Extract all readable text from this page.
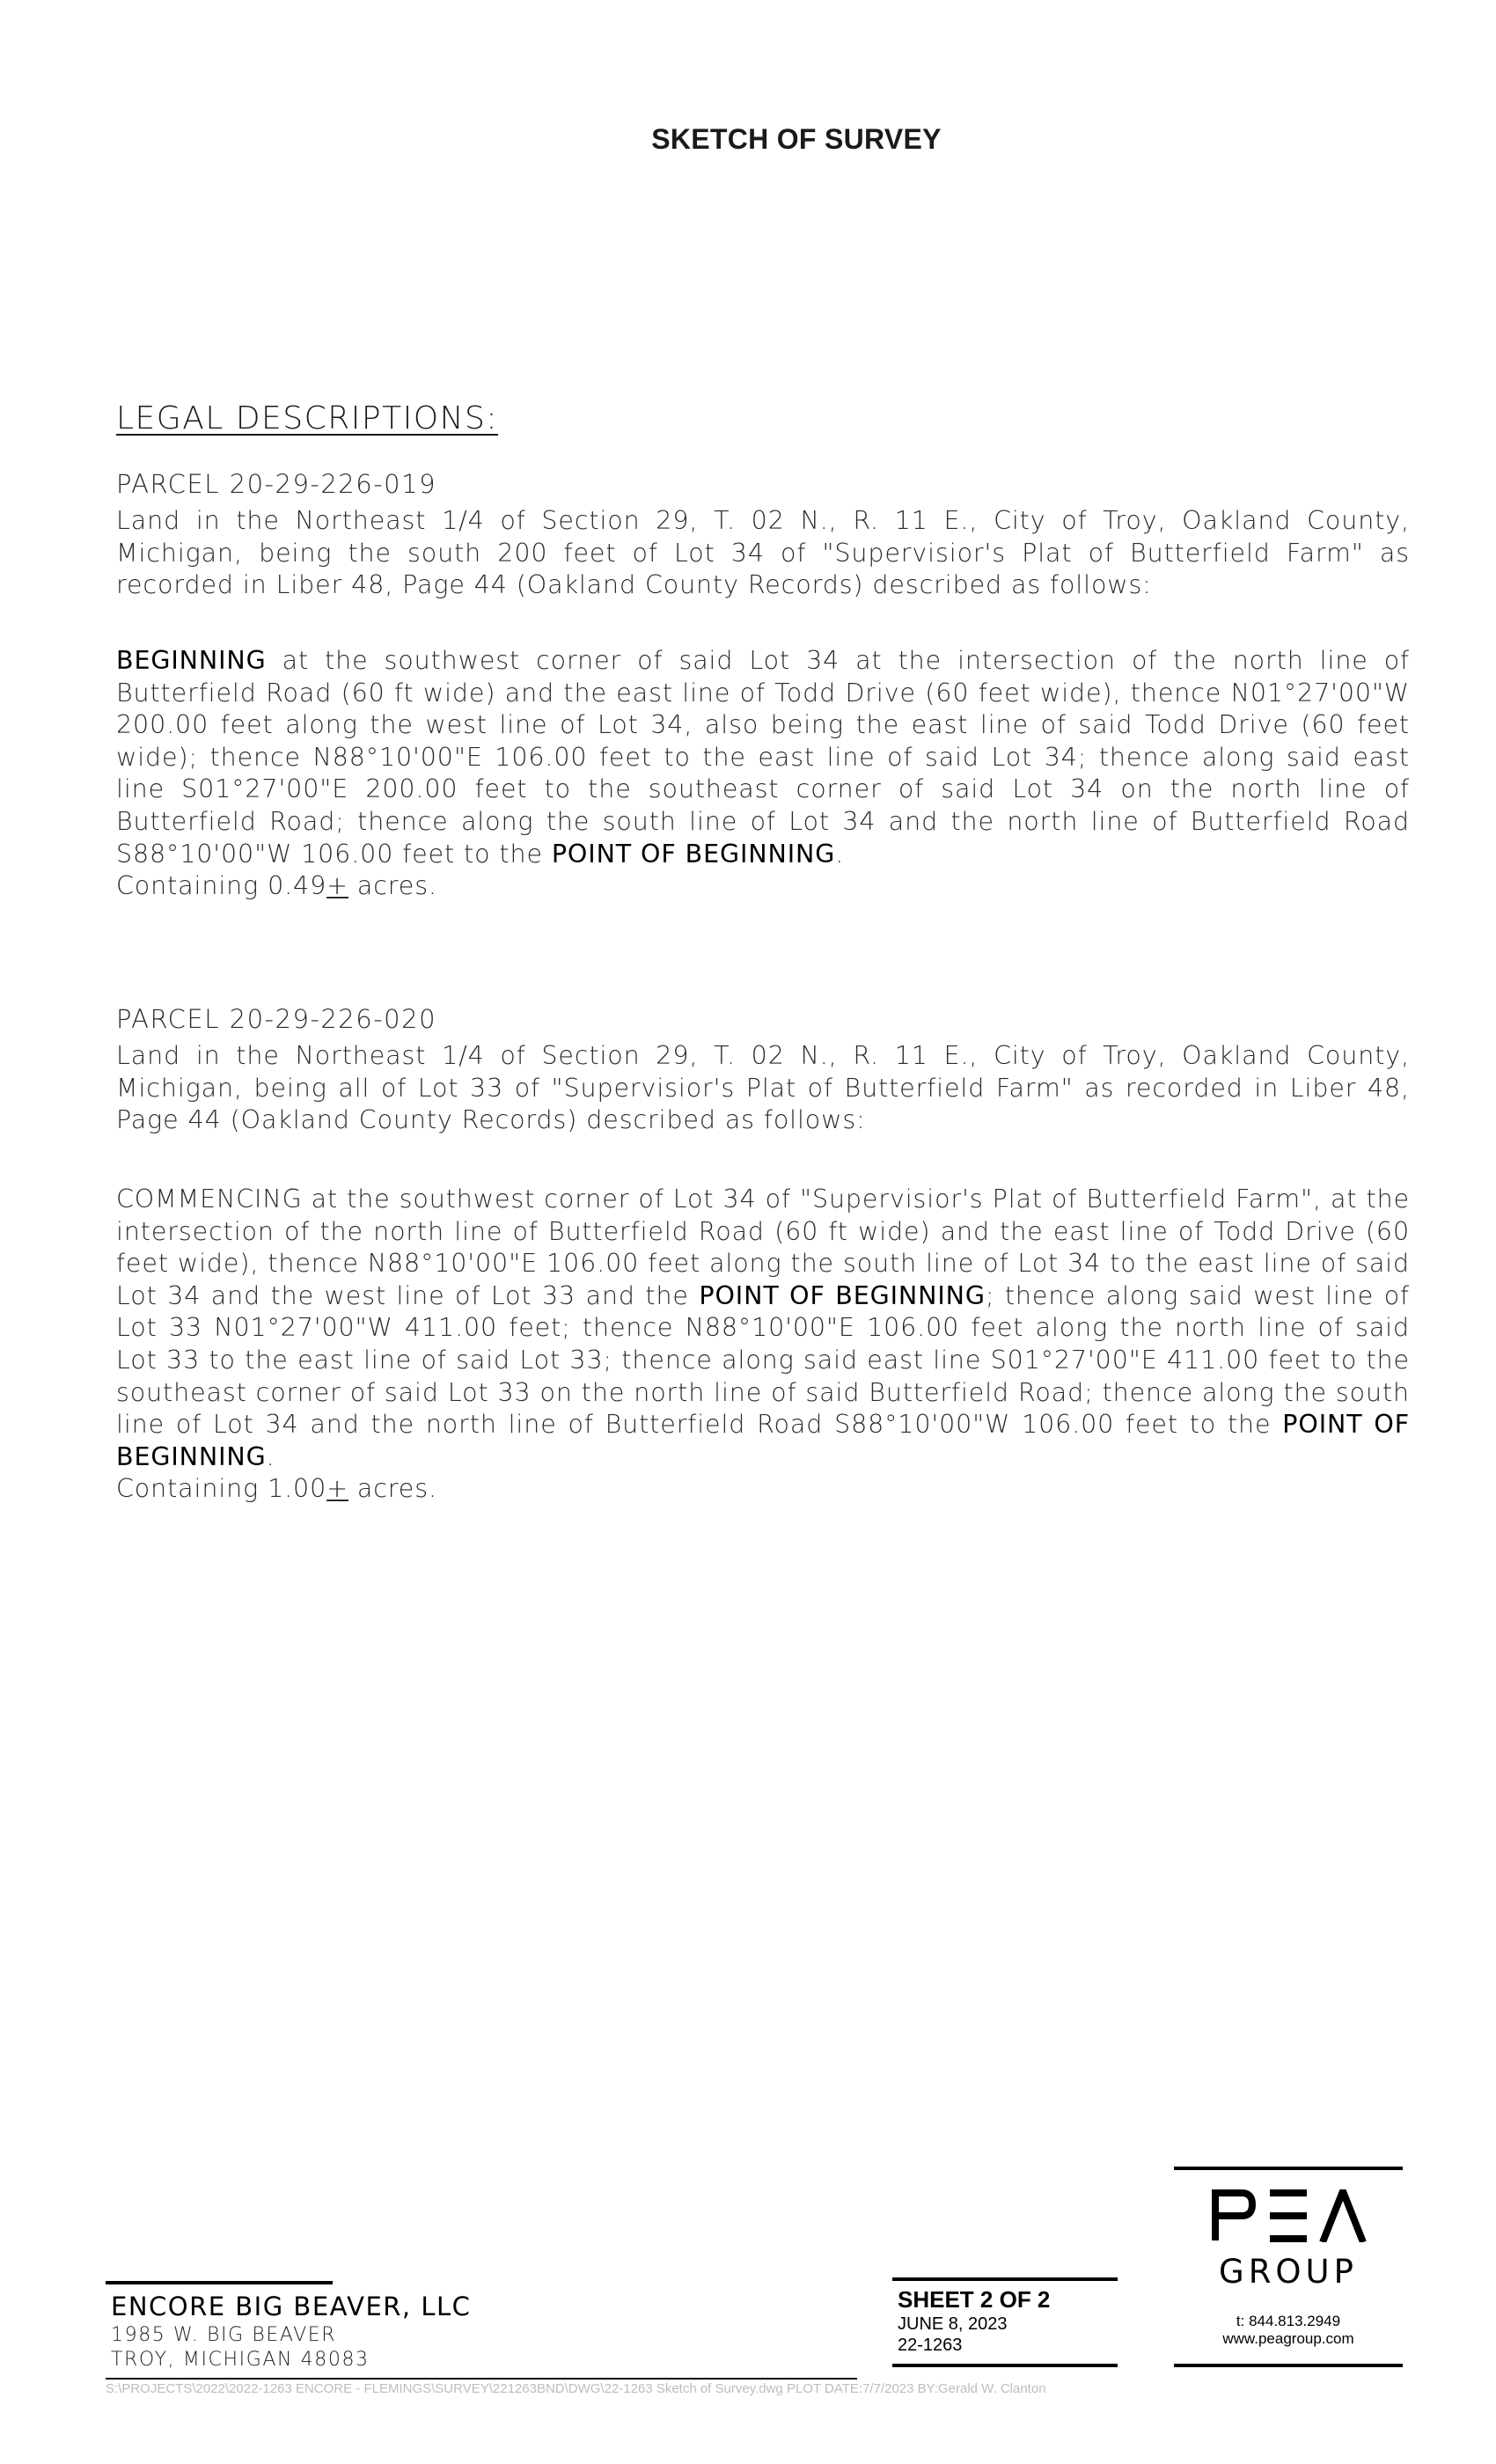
SKETCH OF SURVEY
LEGAL DESCRIPTIONS:
PARCEL 20-29-226-019

Land in the Northeast 1/4 of Section 29, T. 02 N., R. 11 E., City of Troy, Oakland County, Michigan, being the south 200 feet of Lot 34 of "Supervisior's Plat of Butterfield Farm" as recorded in Liber 48, Page 44 (Oakland County Records) described as follows:

BEGINNING at the southwest corner of said Lot 34 at the intersection of the north line of Butterfield Road (60 ft wide) and the east line of Todd Drive (60 feet wide), thence N01°27'00"W 200.00 feet along the west line of Lot 34, also being the east line of said Todd Drive (60 feet wide); thence N88°10'00"E 106.00 feet to the east line of said Lot 34; thence along said east line S01°27'00"E 200.00 feet to the southeast corner of said Lot 34 on the north line of Butterfield Road; thence along the south line of Lot 34 and the north line of Butterfield Road S88°10'00"W 106.00 feet to the POINT OF BEGINNING.
Containing 0.49+ acres.

PARCEL 20-29-226-020

Land in the Northeast 1/4 of Section 29, T. 02 N., R. 11 E., City of Troy, Oakland County, Michigan, being all of Lot 33 of "Supervisior's Plat of Butterfield Farm" as recorded in Liber 48, Page 44 (Oakland County Records) described as follows:

COMMENCING at the southwest corner of Lot 34 of "Supervisior's Plat of Butterfield Farm", at the intersection of the north line of Butterfield Road (60 ft wide) and the east line of Todd Drive (60 feet wide), thence N88°10'00"E 106.00 feet along the south line of Lot 34 to the east line of said Lot 34 and the west line of Lot 33 and the POINT OF BEGINNING; thence along said west line of Lot 33 N01°27'00"W 411.00 feet; thence N88°10'00"E 106.00 feet along the north line of said Lot 33 to the east line of said Lot 33; thence along said east line S01°27'00"E 411.00 feet to the southeast corner of said Lot 33 on the north line of said Butterfield Road; thence along the south line of Lot 34 and the north line of Butterfield Road S88°10'00"W 106.00 feet to the POINT OF BEGINNING.
Containing 1.00+ acres.

ENCORE BIG BEAVER, LLC
1985 W. BIG BEAVER
TROY, MICHIGAN 48083
S:\PROJECTS\2022\2022-1263 ENCORE - FLEMINGS\SURVEY\221263BND\DWG\22-1263 Sketch of Survey.dwg PLOT DATE:7/7/2023 BY:Gerald W. Clanton
SHEET 2 OF 2
JUNE 8, 2023
22-1263
GROUP
t: 844.813.2949
www.peagroup.com
